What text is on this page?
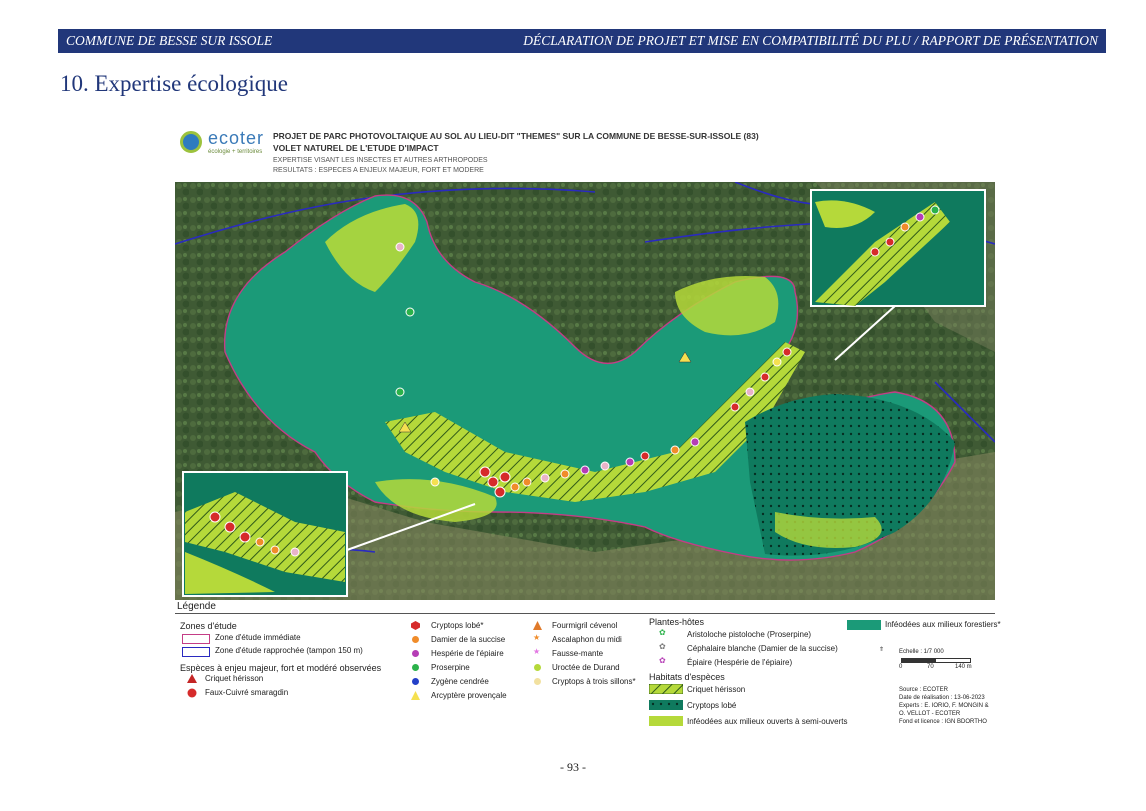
COMMUNE DE BESSE SUR ISSOLE	DÉCLARATION DE PROJET ET MISE EN COMPATIBILITÉ DU PLU / RAPPORT DE PRÉSENTATION
10. Expertise écologique
ecoter
écologie + territoires
PROJET DE PARC PHOTOVOLTAIQUE AU SOL AU LIEU-DIT "THEMES" SUR LA COMMUNE DE BESSE-SUR-ISSOLE (83)
VOLET NATUREL DE L'ETUDE D'IMPACT
EXPERTISE VISANT LES INSECTES ET AUTRES ARTHROPODES
RESULTATS : ESPECES A ENJEUX MAJEUR, FORT ET MODERE
Légende
Zones d'étude
Zone d'étude immédiate
Zone d'étude rapprochée (tampon 150 m)
Espèces à enjeu majeur, fort et modéré observées
Criquet hérisson
Faux-Cuivré smaragdin
Cryptops lobé*
Damier de la succise
Hespérie de l'épiaire
Proserpine
Zygène cendrée
Arcyptère provençale
Fourmigril cévenol
★ Ascalaphon du midi
★ Fausse-mante
Uroctée de Durand
Cryptops à trois sillons*
Plantes-hôtes
✿	Aristoloche pistoloche (Proserpine)
✿	Céphalaire blanche (Damier de la succise)
✿	Épiaire (Hespérie de l'épiaire)
Habitats d'espèces
Criquet hérisson
Cryptops lobé
Inféodées aux milieux ouverts à semi-ouverts
Inféodées aux milieux forestiers*
⇑ Echelle : 1/7 000
0	70	140 m
Source : ECOTER
Date de réalisation : 13-06-2023
Experts : E. IORIO, F. MONGIN &
O. VELLOT - ECOTER
Fond et licence : IGN BDORTHO
- 93 -
